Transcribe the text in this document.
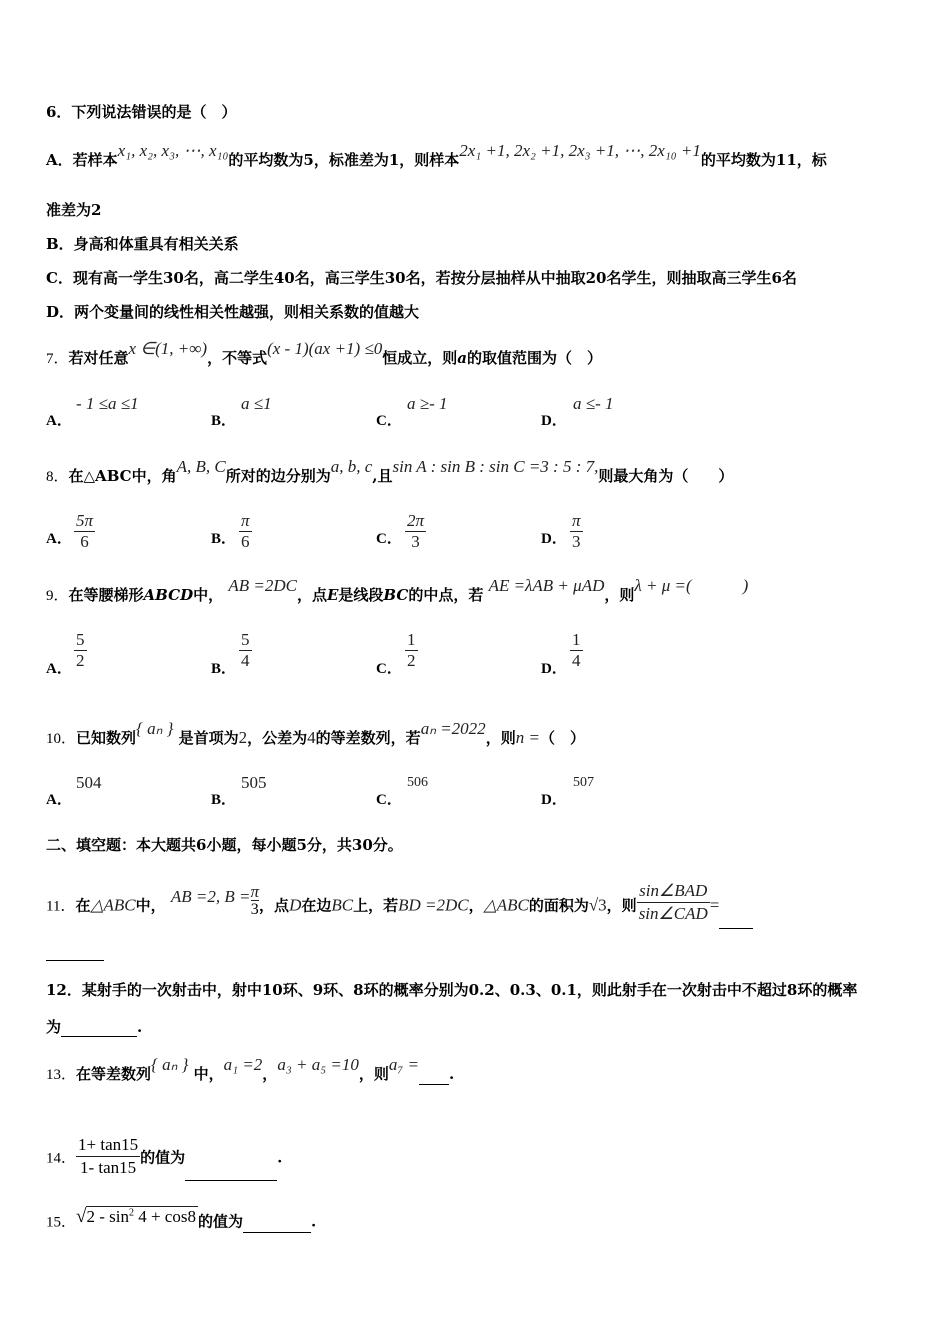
6．下列说法错误的是（　）
A．若样本x₁, x₂, x₃, ⋯, x₁₀的平均数为5，标准差为1，则样本2x₁ +1, 2x₂ +1, 2x₃ +1, ⋯, 2x₁₀ +1的平均数为11，标
准差为2
B．身高和体重具有相关关系
C．现有高一学生30名，高二学生40名，高三学生30名，若按分层抽样从中抽取20名学生，则抽取高三学生6名
D．两个变量间的线性相关性越强，则相关系数的值越大
7．若对任意x ∈(1, +∞)，不等式(x - 1)(ax +1) ≤0恒成立，则a的取值范围为（　）
A．
- 1 ≤a ≤1
B．
a ≤1
C．
a ≥- 1
D．
a ≤- 1
8．在△ABC中，角A, B, C所对的边分别为a, b, c,且sin A : sin B : sin C =3 : 5 : 7,则最大角为（　　）
A． $\frac{5\pi}{6}$	B． $\frac{\pi}{6}$	C． $\frac{2\pi}{3}$	D． $\frac{\pi}{3}$
9．在等腰梯形ABCD中， AB =2DC，点E是线段BC的中点，若 AE =λAB + μAD，则λ + μ =(　　　)
A． $\frac{5}{2}$	B． $\frac{5}{4}$	C． $\frac{1}{2}$	D． $\frac{1}{4}$
10．已知数列{ aₙ } 是首项为2，公差为4的等差数列，若aₙ =2022，则n =（　）
A．
504
B．
505
C．
506
D．
507
二、填空题：本大题共6小题，每小题5分，共30分。
11．在△ABC中， AB =2, $B = \frac{\pi}{3}$ ，点D在边BC上，若BD =2DC，△ABC的面积为√3，则
sin∠BAD
sin∠CAD =
12．某射手的一次射击中，射中10环、9环、8环的概率分别为0.2、0.3、0.1，则此射手在一次射击中不超过8环的概率
为	.
13．在等差数列{ aₙ } 中，a₁ =2，a₃ + a₅ =10，则a₇ = .
14． $\frac{1+ \tan 15}{1- \tan 15}$ 的值为	.
15．$√2 - \sin^2 4 + \cos 8$ 的值为	.
